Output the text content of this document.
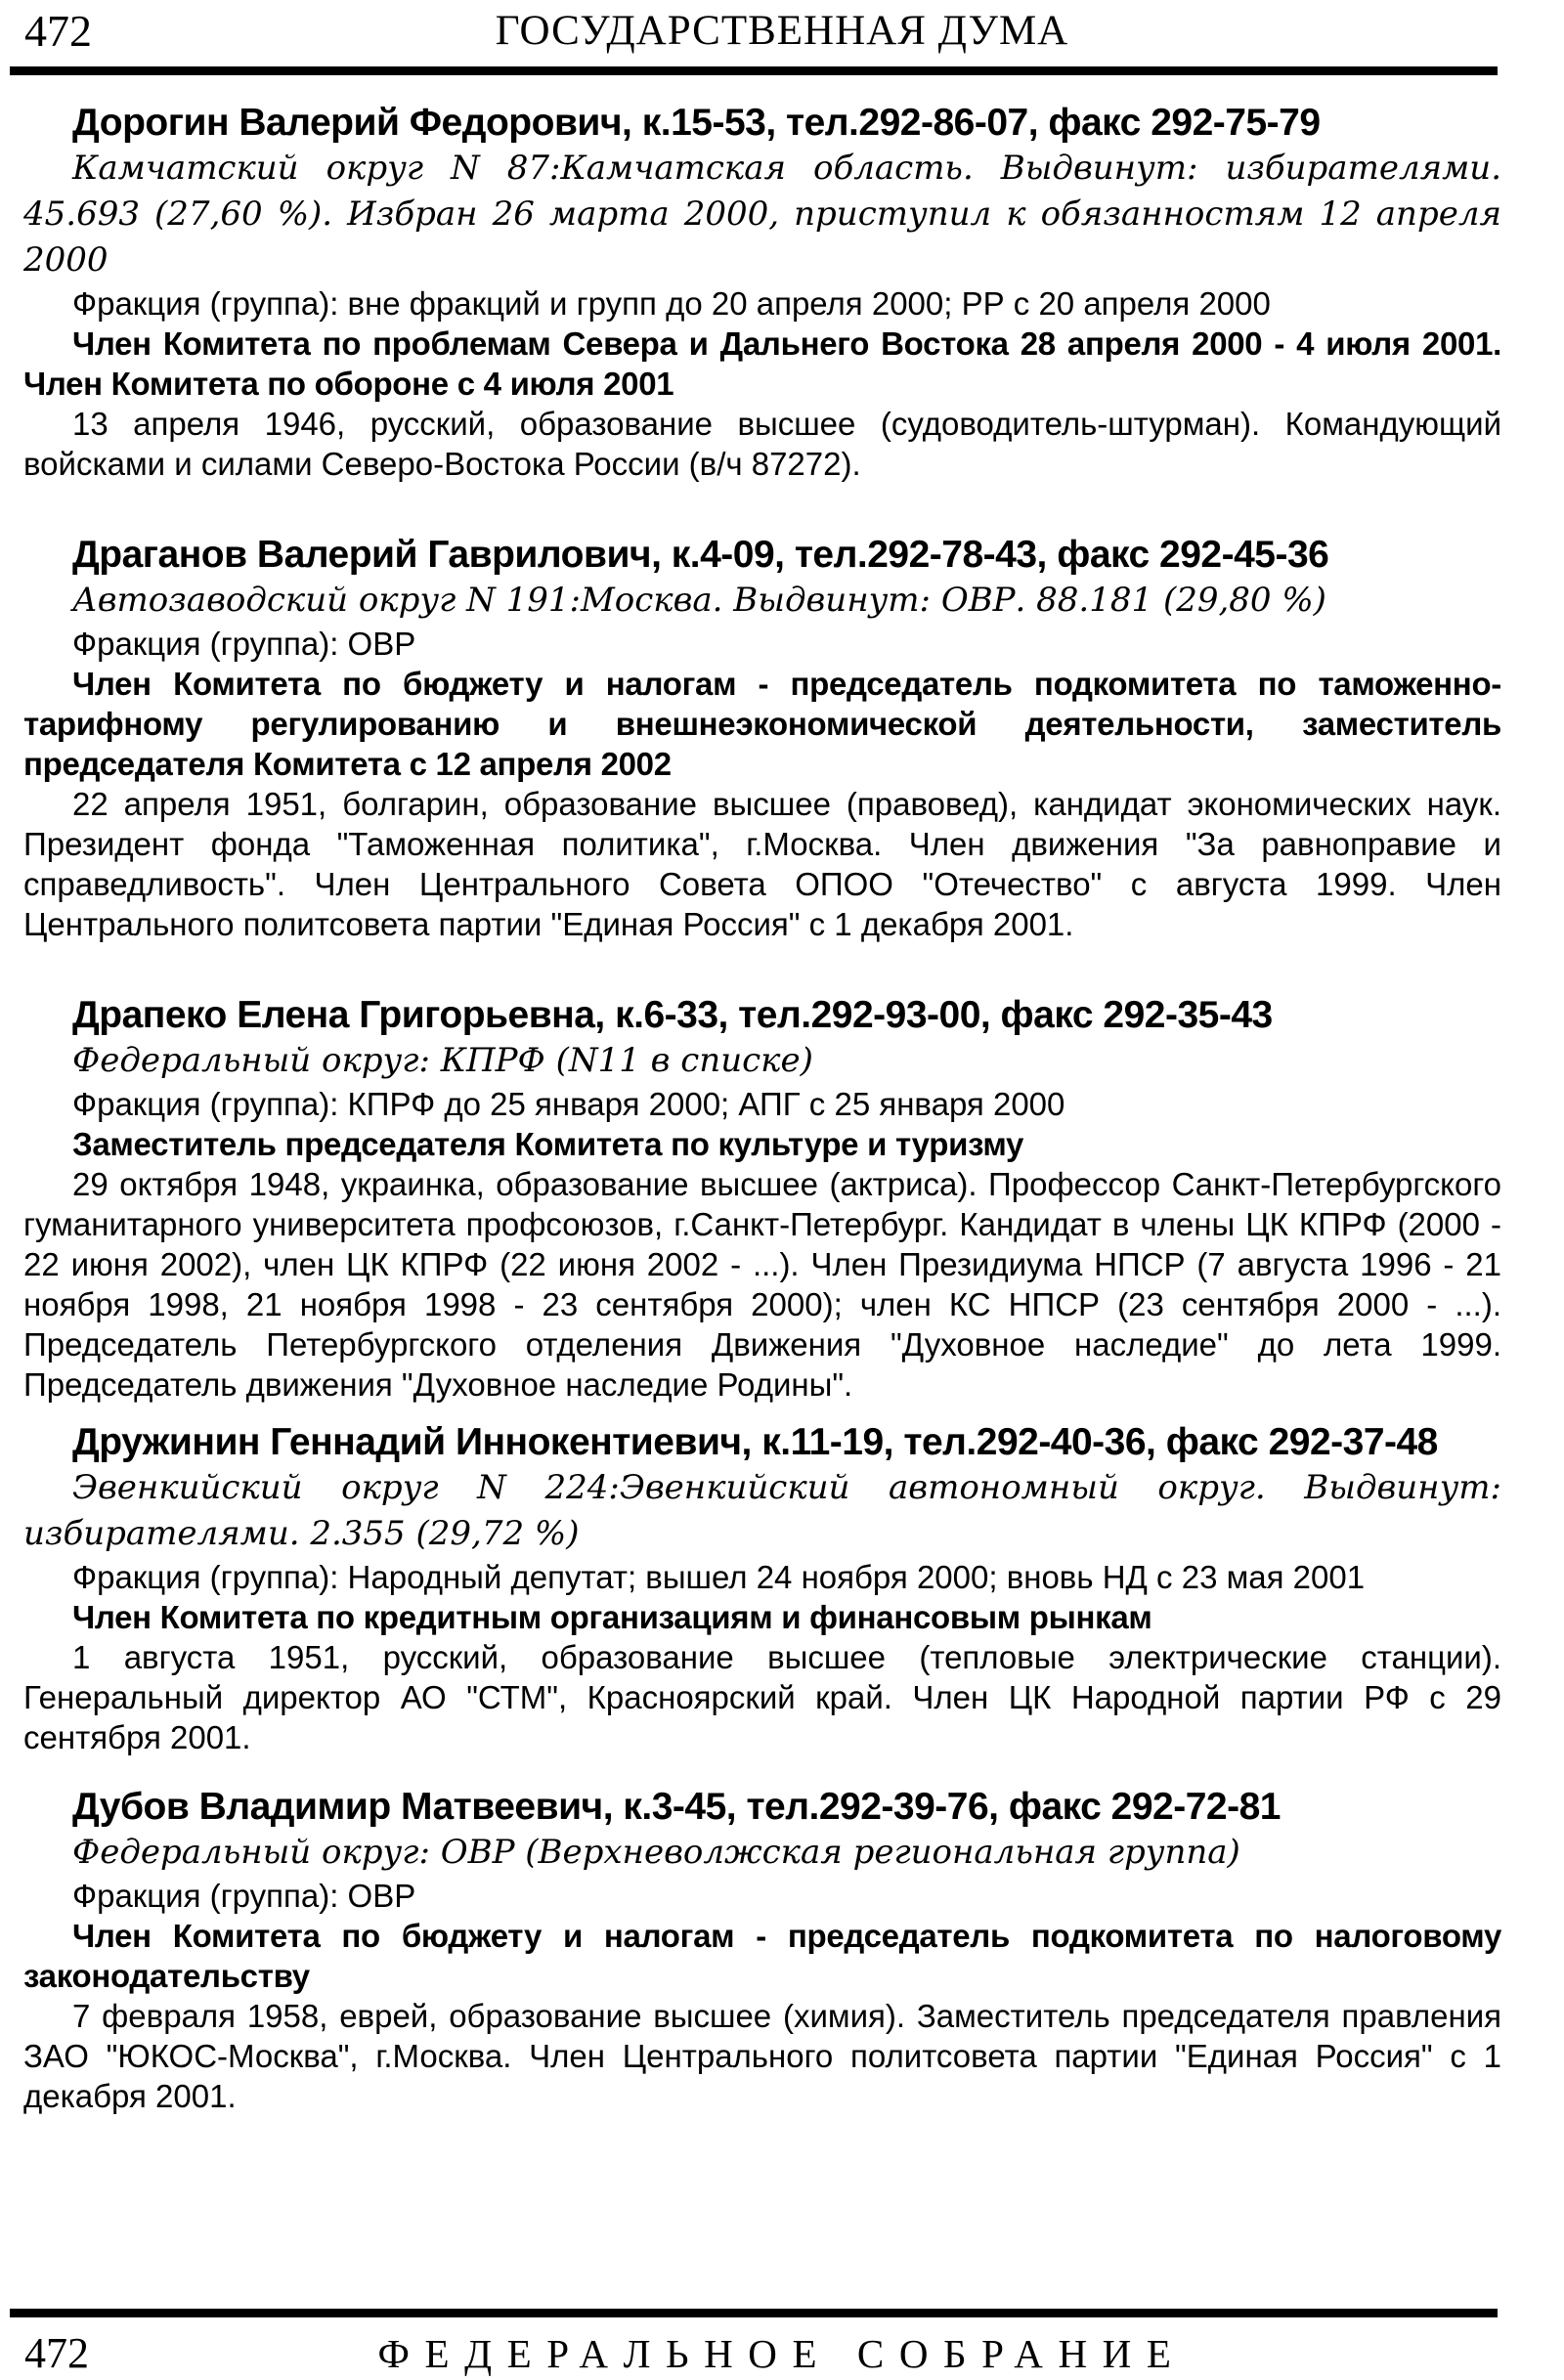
472	ГОСУДАРСТВЕННАЯ ДУМА

Дорогин Валерий Федорович, к.15-53, тел.292-86-07, факс 292-75-79

Камчатский округ N 87:Камчатская область. Выдвинут: избирателями. 45.693 (27,60 %). Избран 26 марта 2000, приступил к обязанностям 12 апреля 2000

Фракция (группа): вне фракций и групп до 20 апреля 2000; РР с 20 апреля 2000

Член Комитета по проблемам Севера и Дальнего Востока 28 апреля 2000 - 4 июля 2001. Член Комитета по обороне с 4 июля 2001

13 апреля 1946, русский, образование высшее (судоводитель-штурман). Командующий войсками и силами Северо-Востока России (в/ч 87272).

Драганов Валерий Гаврилович, к.4-09, тел.292-78-43, факс 292-45-36

Автозаводский округ N 191:Москва. Выдвинут: ОВР. 88.181 (29,80 %)

Фракция (группа): ОВР

Член Комитета по бюджету и налогам - председатель подкомитета по таможенно-тарифному регулированию и внешнеэкономической деятельности, заместитель председателя Комитета с 12 апреля 2002

22 апреля 1951, болгарин, образование высшее (правовед), кандидат экономических наук. Президент фонда "Таможенная политика", г.Москва. Член движения "За равноправие и справедливость". Член Центрального Совета ОПОО "Отечество" с августа 1999. Член Центрального политсовета партии "Единая Россия" с 1 декабря 2001.

Драпеко Елена Григорьевна, к.6-33, тел.292-93-00, факс 292-35-43

Федеральный округ: КПРФ (N11 в списке)

Фракция (группа): КПРФ до 25 января 2000; АПГ с 25 января 2000

Заместитель председателя Комитета по культуре и туризму

29 октября 1948, украинка, образование высшее (актриса). Профессор Санкт-Петербургского гуманитарного университета профсоюзов, г.Санкт-Петербург. Кандидат в члены ЦК КПРФ (2000 - 22 июня 2002), член ЦК КПРФ (22 июня 2002 - ...). Член Президиума НПСР (7 августа 1996 - 21 ноября 1998, 21 ноября 1998 - 23 сентября 2000); член КС НПСР (23 сентября 2000 - ...). Председатель Петербургского отделения Движения "Духовное наследие" до лета 1999. Председатель движения "Духовное наследие Родины".

Дружинин Геннадий Иннокентиевич, к.11-19, тел.292-40-36, факс 292-37-48

Эвенкийский округ N 224:Эвенкийский автономный округ. Выдвинут: избирателями. 2.355 (29,72 %)

Фракция (группа): Народный депутат; вышел 24 ноября 2000; вновь НД с 23 мая 2001

Член Комитета по кредитным организациям и финансовым рынкам

1 августа 1951, русский, образование высшее (тепловые электрические станции). Генеральный директор АО "СТМ", Красноярский край. Член ЦК Народной партии РФ с 29 сентября 2001.

Дубов Владимир Матвеевич, к.3-45, тел.292-39-76, факс 292-72-81

Федеральный округ: ОВР (Верхневолжская региональная группа)

Фракция (группа): ОВР

Член Комитета по бюджету и налогам - председатель подкомитета по налоговому законодательству

7 февраля 1958, еврей, образование высшее (химия). Заместитель председателя правления ЗАО "ЮКОС-Москва", г.Москва. Член Центрального политсовета партии "Единая Россия" с 1 декабря 2001.

472	ФЕДЕРАЛЬНОЕ СОБРАНИЕ
